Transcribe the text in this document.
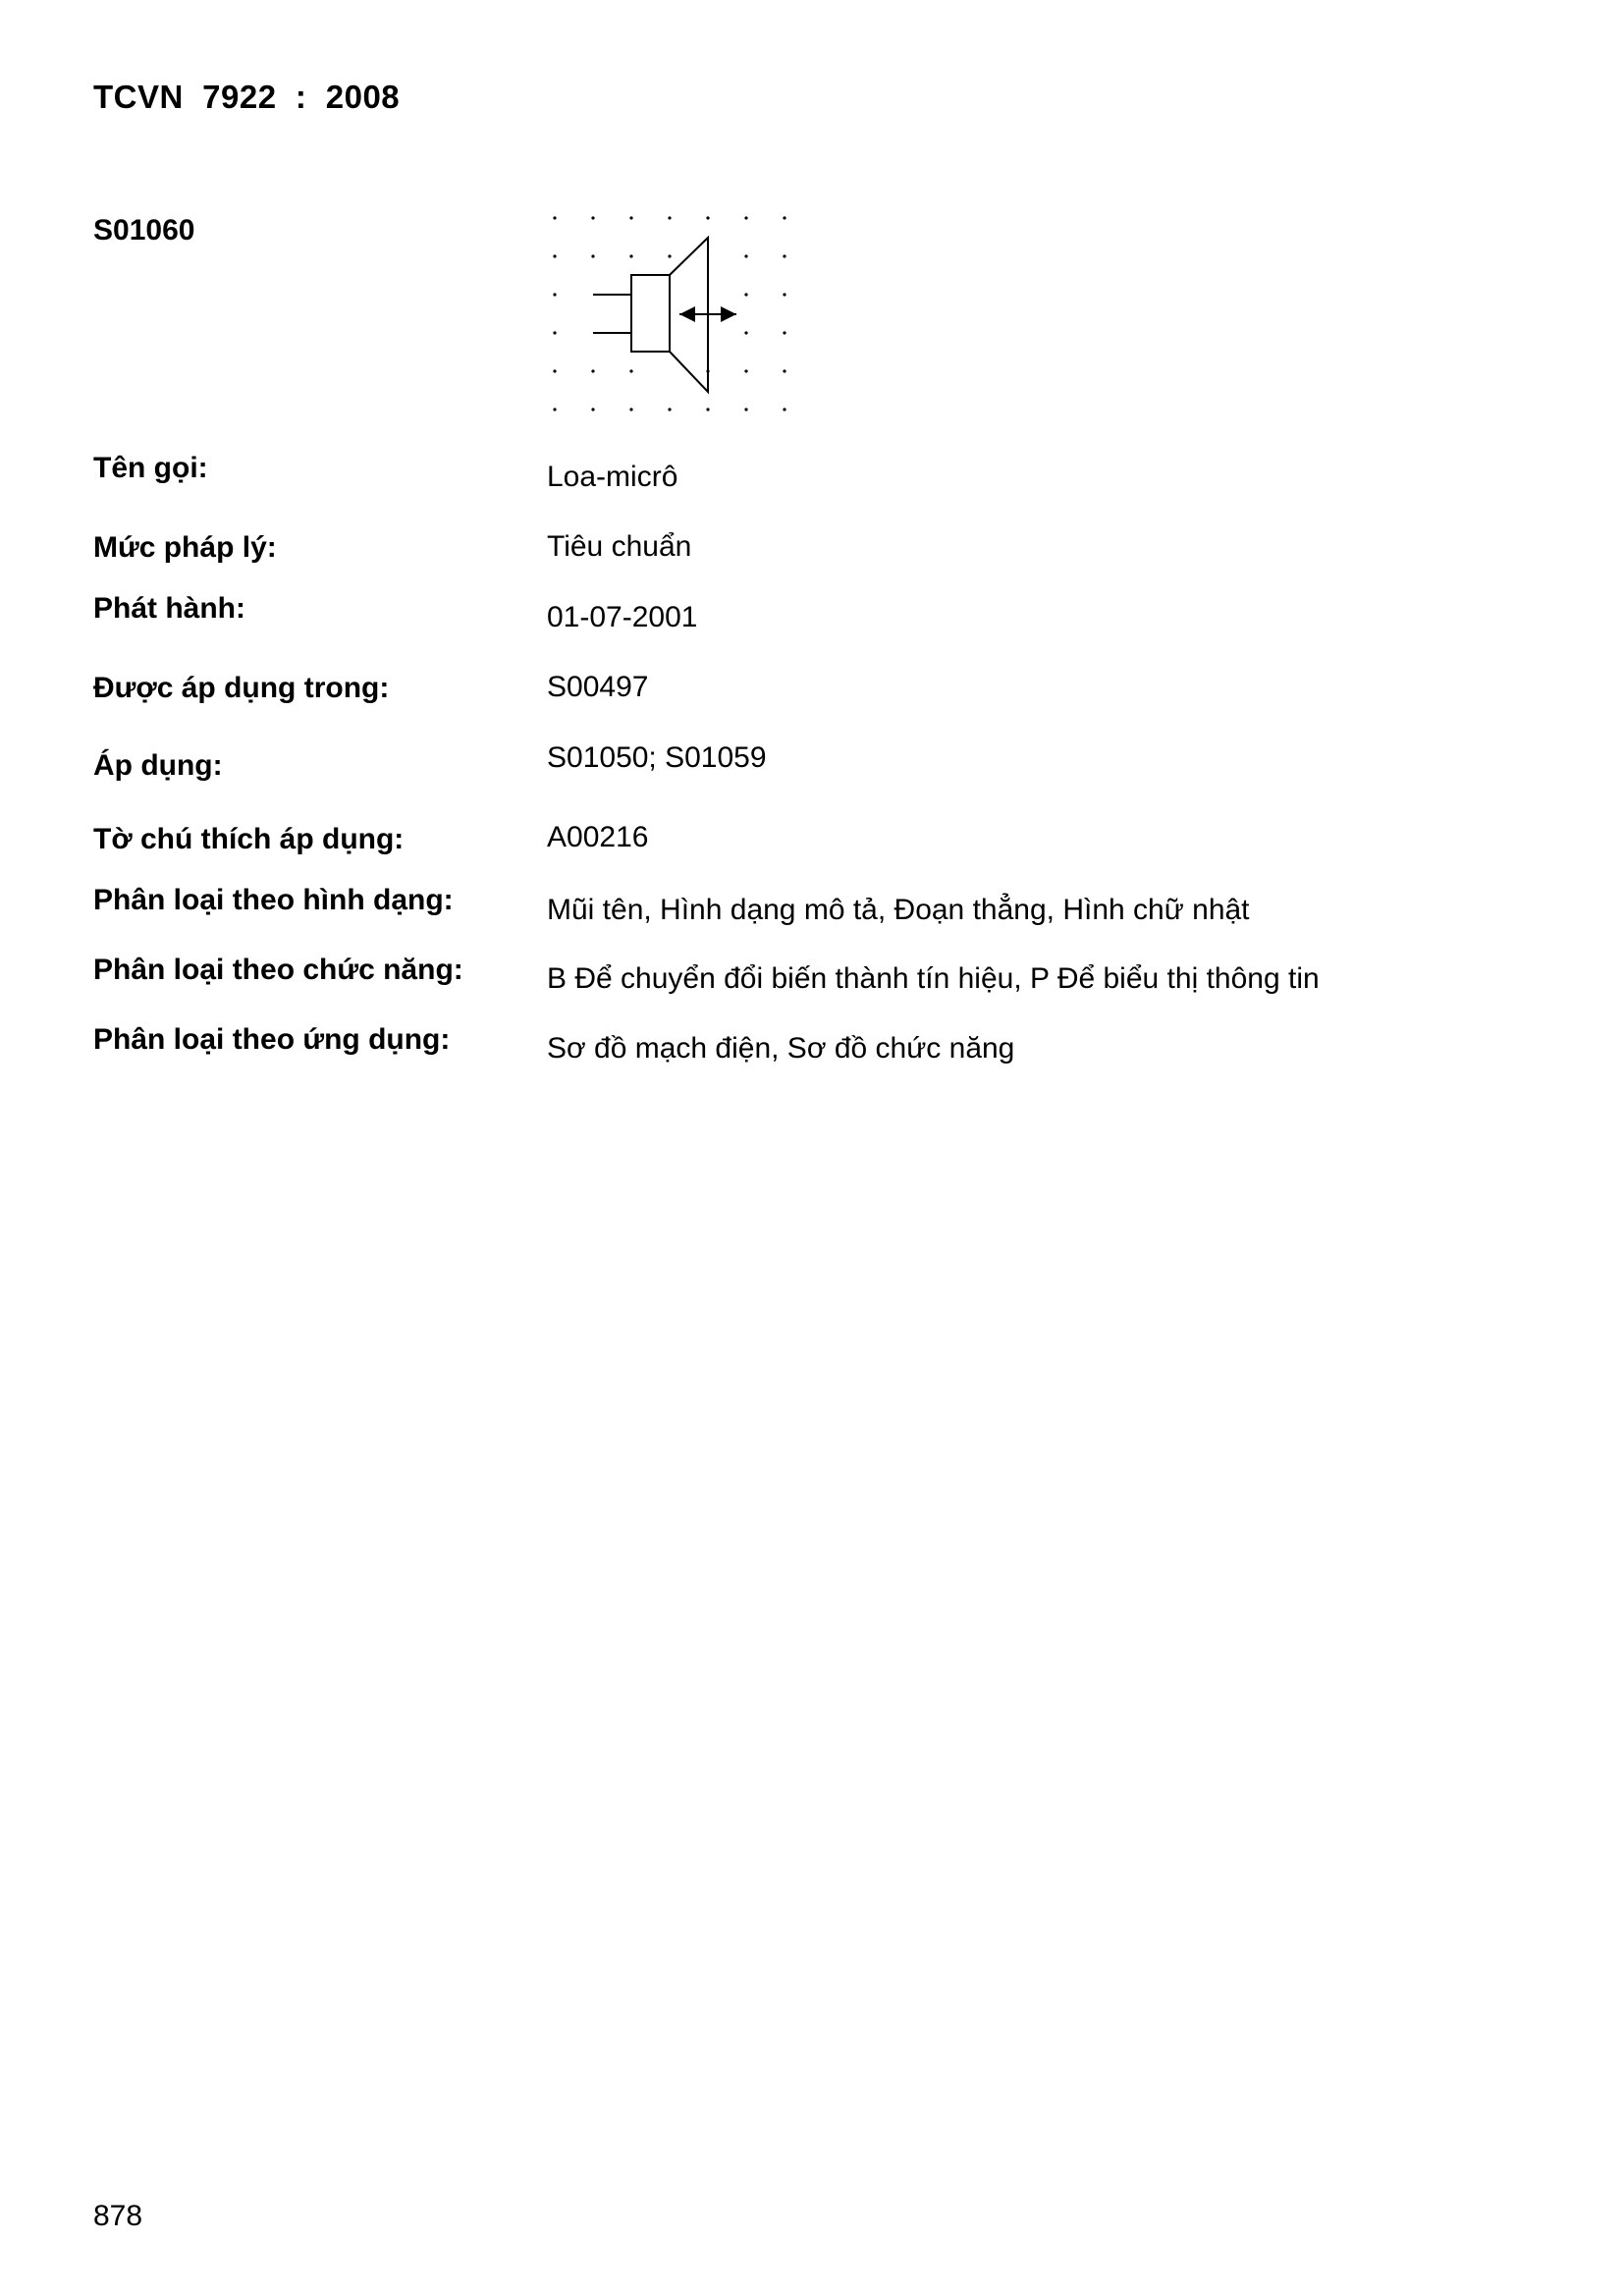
TCVN  7922  :  2008
S01060
Tên gọi:	Loa-micrô
Mức pháp lý:	Tiêu chuẩn
Phát hành:	01-07-2001
Được áp dụng trong:	S00497
Áp dụng:	S01050; S01059
Tờ chú thích áp dụng:	A00216
Phân loại theo hình dạng:	Mũi tên, Hình dạng mô tả, Đoạn thẳng, Hình chữ nhật
Phân loại theo chức năng:	B Để chuyển đổi biến thành tín hiệu, P Để biểu thị thông tin
Phân loại theo ứng dụng:	Sơ đồ mạch điện, Sơ đồ chức năng
878
